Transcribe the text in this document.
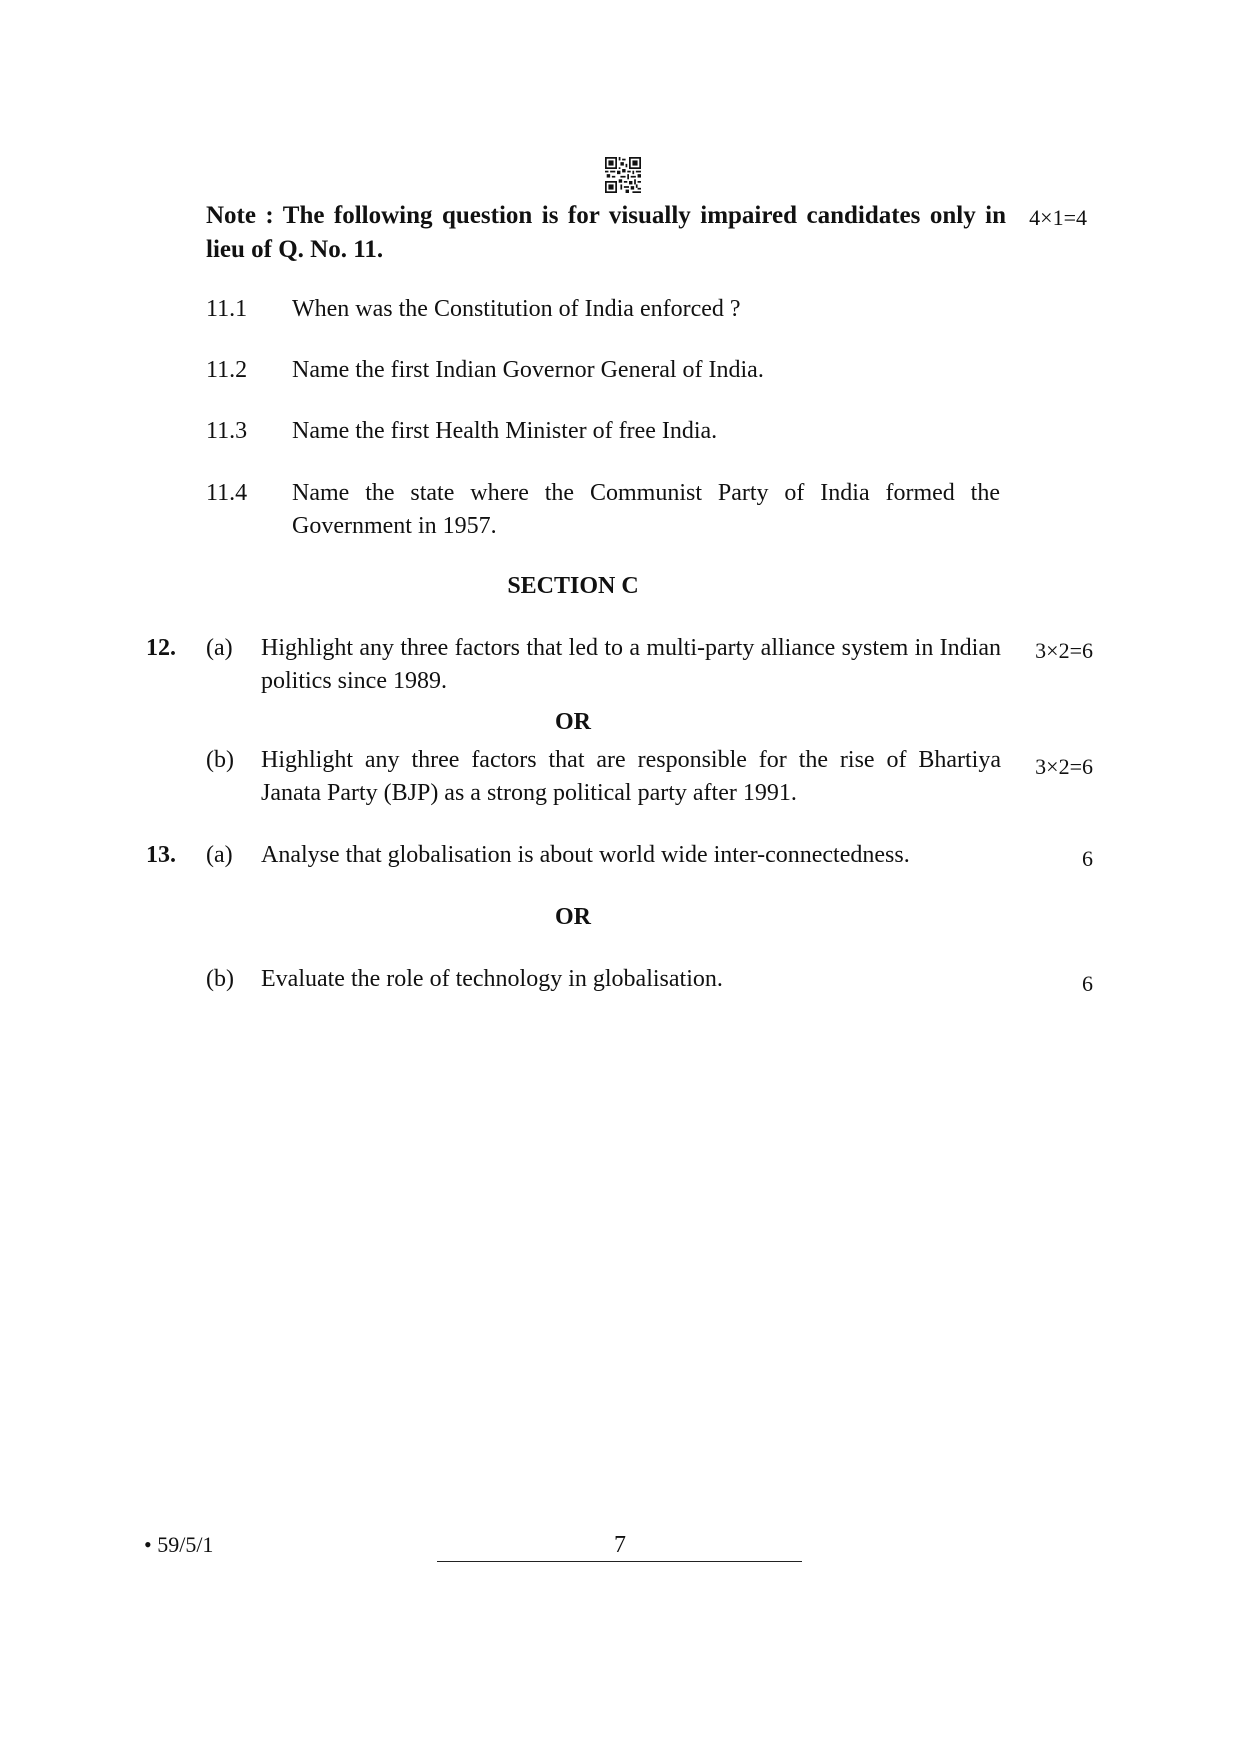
Note : The following question is for visually impaired candidates only in lieu of Q. No. 11.
4×1=4
11.1 When was the Constitution of India enforced ?
11.2 Name the first Indian Governor General of India.
11.3 Name the first Health Minister of free India.
11.4 Name the state where the Communist Party of India formed the Government in 1957.
SECTION C
12. (a) Highlight any three factors that led to a multi-party alliance system in Indian politics since 1989.
3×2=6
OR
(b) Highlight any three factors that are responsible for the rise of Bhartiya Janata Party (BJP) as a strong political party after 1991.
3×2=6
13. (a) Analyse that globalisation is about world wide inter-connectedness.	6
OR
(b) Evaluate the role of technology in globalisation.	6
• 59/5/1	7
